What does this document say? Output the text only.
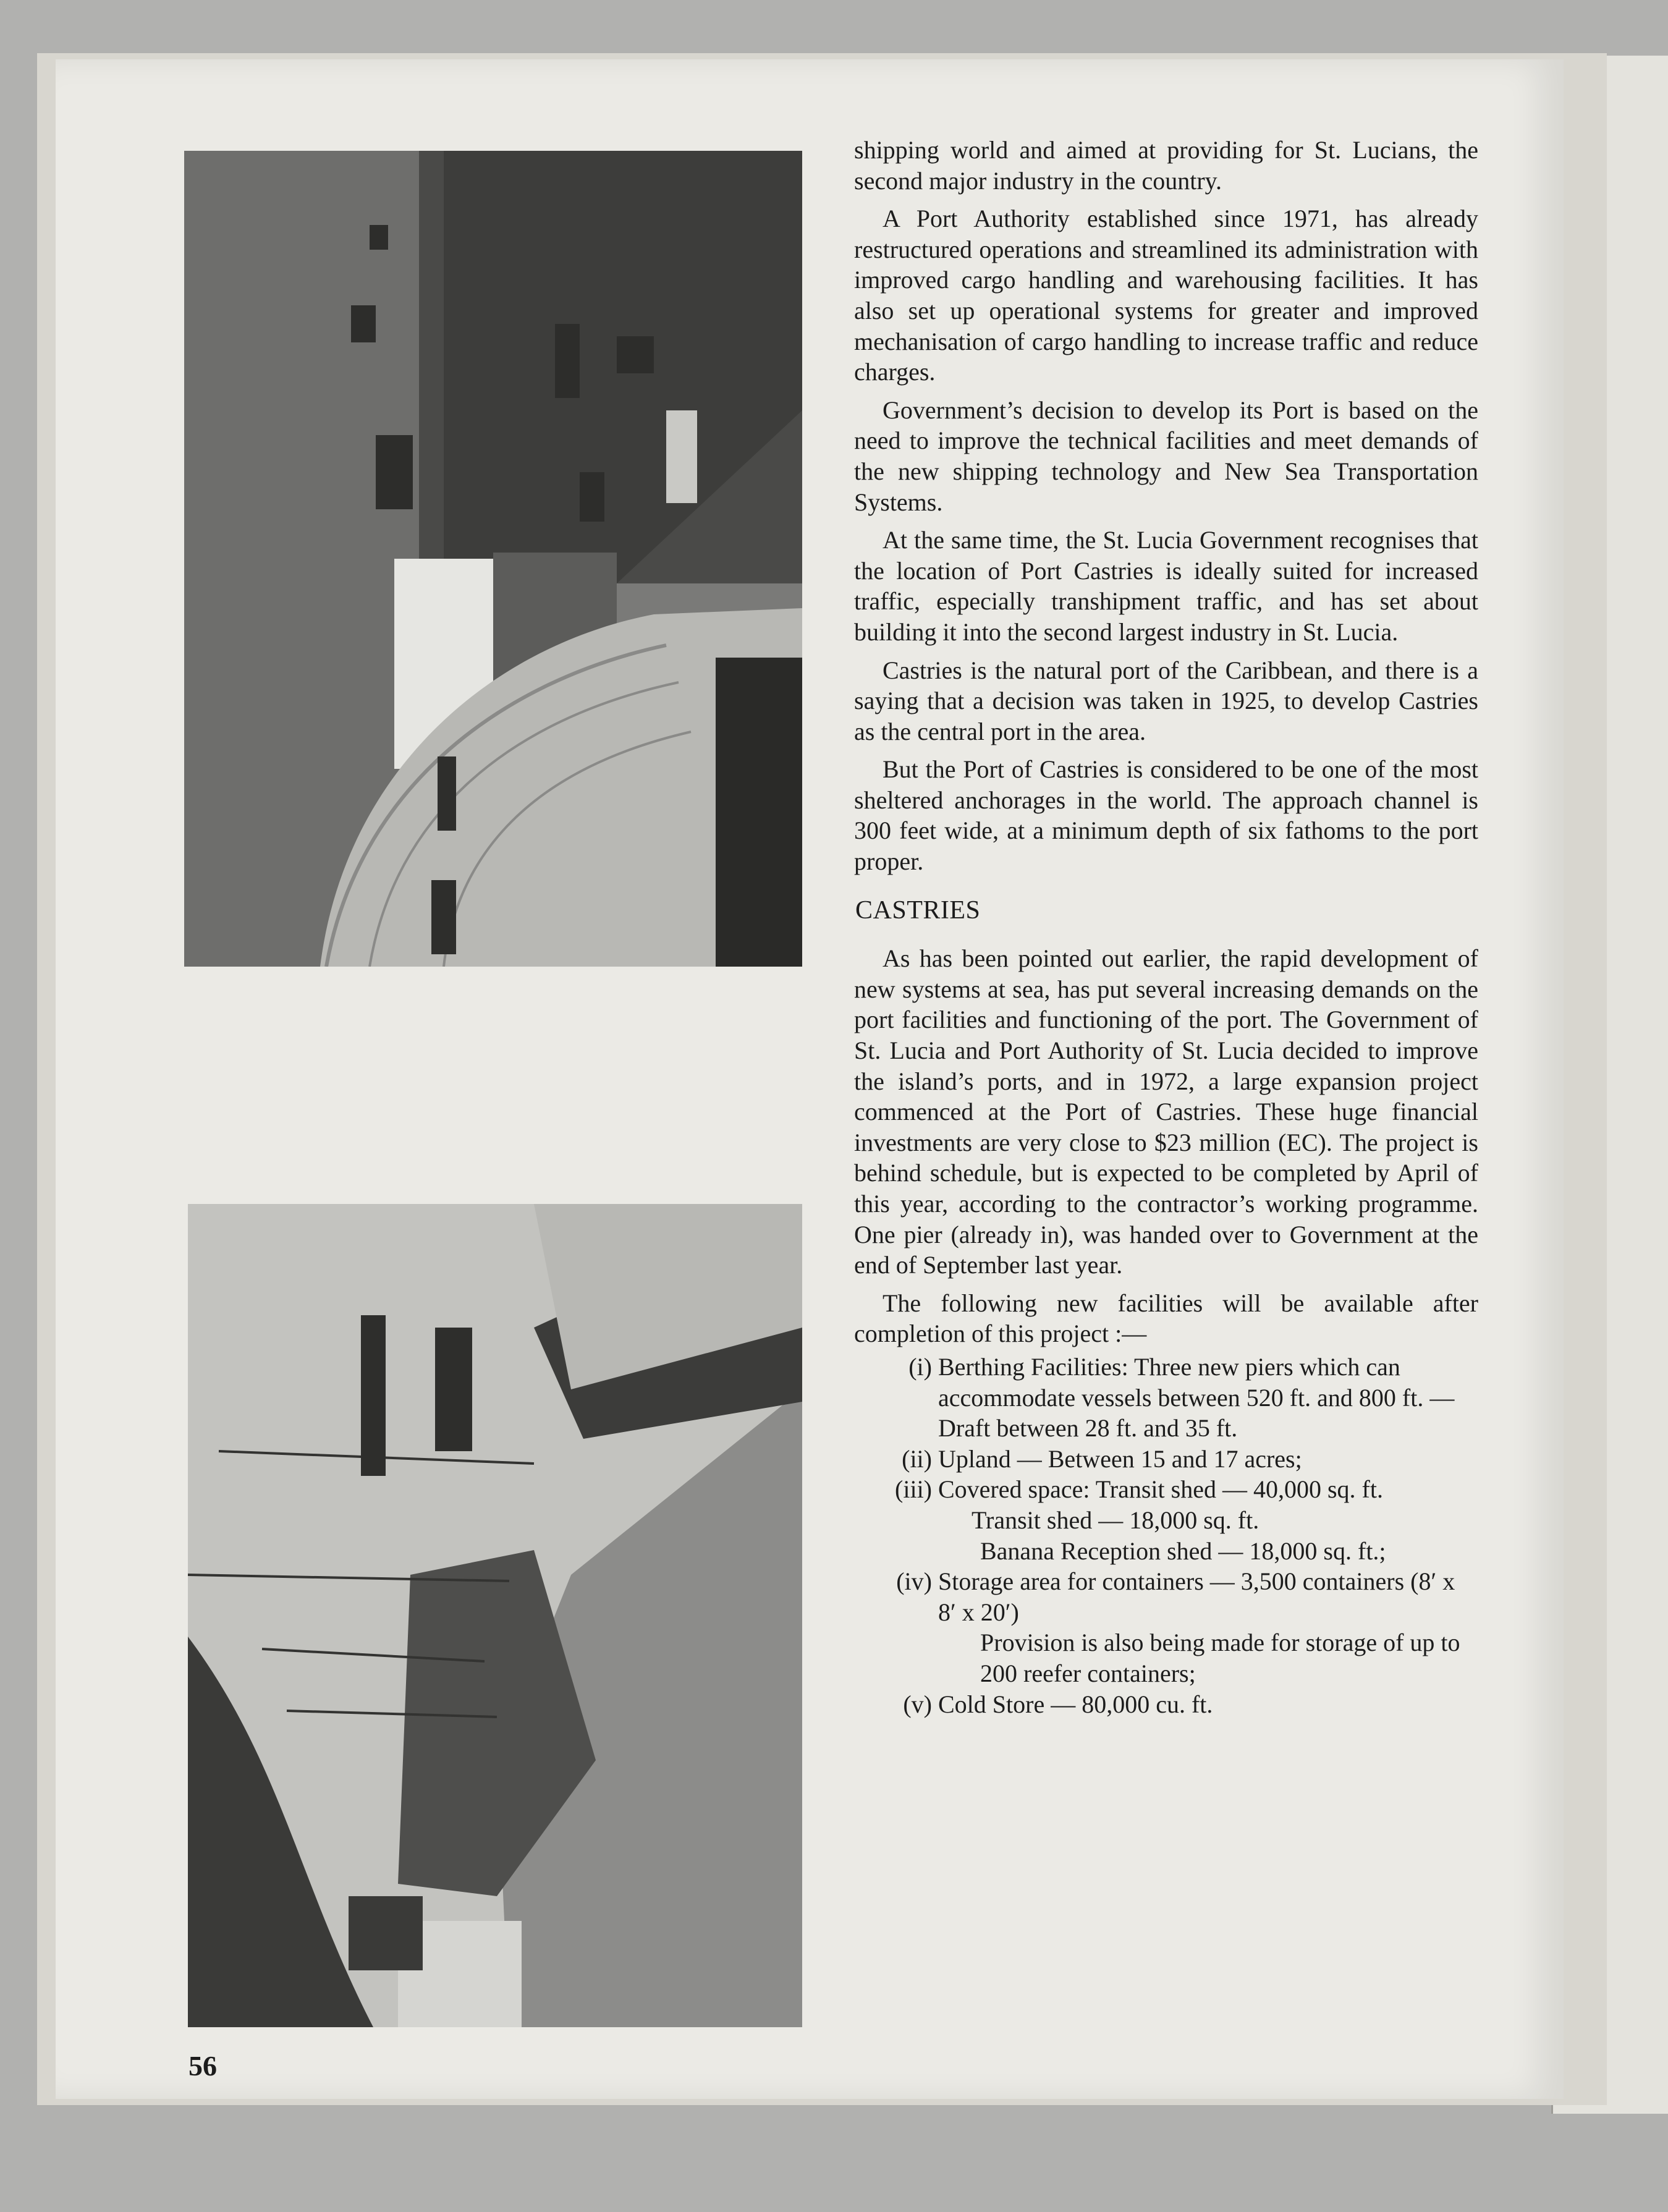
shipping world and aimed at providing for St. Lucians, the second major industry in the country.

A Port Authority established since 1971, has already restructured operations and streamlined its administration with improved cargo handling and warehousing facilities. It has also set up operational systems for greater and improved mechanisation of cargo handling to increase traffic and reduce charges.

Government’s decision to develop its Port is based on the need to improve the technical facilities and meet demands of the new shipping technology and New Sea Transportation Systems.

At the same time, the St. Lucia Government recognises that the location of Port Castries is ideally suited for increased traffic, especially transhipment traffic, and has set about building it into the second largest industry in St. Lucia.

Castries is the natural port of the Caribbean, and there is a saying that a decision was taken in 1925, to develop Castries as the central port in the area.

But the Port of Castries is considered to be one of the most sheltered anchorages in the world. The approach channel is 300 feet wide, at a minimum depth of six fathoms to the port proper.

CASTRIES

As has been pointed out earlier, the rapid development of new systems at sea, has put several increasing demands on the port facilities and functioning of the port. The Government of St. Lucia and Port Authority of St. Lucia decided to improve the island’s ports, and in 1972, a large expansion project commenced at the Port of Castries. These huge financial investments are very close to $23 million (EC). The project is behind schedule, but is expected to be completed by April of this year, according to the contractor’s working programme. One pier (already in), was handed over to Government at the end of September last year.

The following new facilities will be available after completion of this project :—

(i) Berthing Facilities: Three new piers which can accommodate vessels between 520 ft. and 800 ft. — Draft between 28 ft. and 35 ft.
(ii) Upland — Between 15 and 17 acres;
(iii) Covered space: Transit shed — 40,000 sq. ft.
Transit shed — 18,000 sq. ft.
Banana Reception shed — 18,000 sq. ft.;
(iv) Storage area for containers — 3,500 containers (8′ x 8′ x 20′)
Provision is also being made for storage of up to 200 reefer containers;
(v) Cold Store — 80,000 cu. ft.
56
